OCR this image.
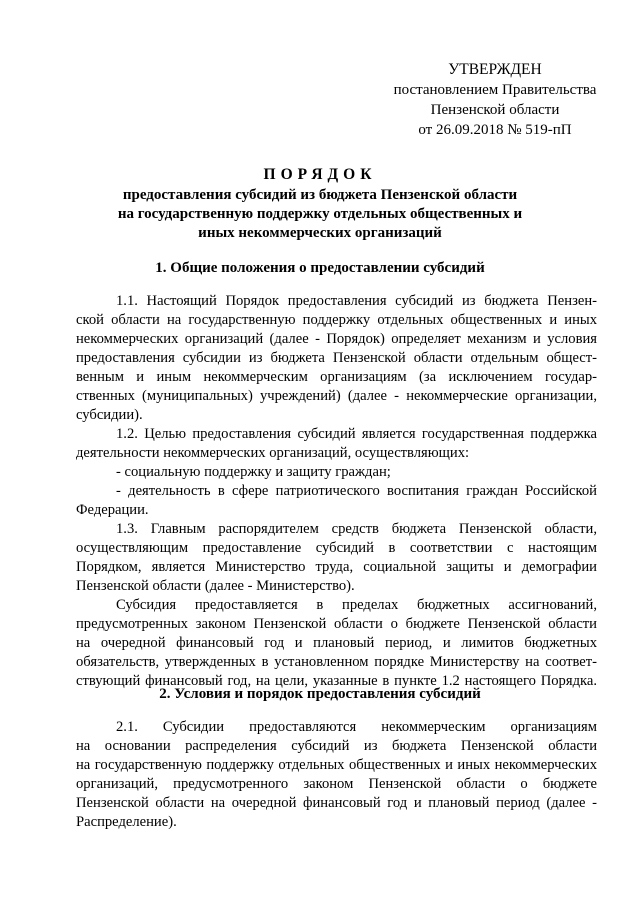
УТВЕРЖДЕН
постановлением Правительства
Пензенской области
от 26.09.2018 № 519-пП
ПОРЯДОК
предоставления субсидий из бюджета Пензенской области
на государственную поддержку отдельных общественных и
иных некоммерческих организаций
1. Общие положения о предоставлении субсидий
1.1. Настоящий Порядок предоставления субсидий из бюджета Пензен-
ской области на государственную поддержку отдельных общественных и иных
некоммерческих организаций (далее - Порядок) определяет механизм и условия
предоставления субсидии из бюджета Пензенской области отдельным общест-
венным и иным некоммерческим организациям (за исключением государ-
ственных (муниципальных) учреждений) (далее - некоммерческие организации,
субсидии).
1.2. Целью предоставления субсидий является государственная поддержка
деятельности некоммерческих организаций, осуществляющих:
- социальную поддержку и защиту граждан;
- деятельность в сфере патриотического воспитания граждан Российской
Федерации.
1.3. Главным распорядителем средств бюджета Пензенской области,
осуществляющим предоставление субсидий в соответствии с настоящим
Порядком, является Министерство труда, социальной защиты и демографии
Пензенской области (далее - Министерство).
Субсидия предоставляется в пределах бюджетных ассигнований,
предусмотренных законом Пензенской области о бюджете Пензенской области
на очередной финансовый год и плановый период, и лимитов бюджетных
обязательств, утвержденных в установленном порядке Министерству на соответ-
ствующий финансовый год, на цели, указанные в пункте 1.2 настоящего Порядка.
2. Условия и порядок предоставления субсидий
2.1. Субсидии предоставляются некоммерческим организациям
на основании распределения субсидий из бюджета Пензенской области
на государственную поддержку отдельных общественных и иных некоммерческих
организаций, предусмотренного законом Пензенской области о бюджете
Пензенской области на очередной финансовый год и плановый период (далее -
Распределение).
